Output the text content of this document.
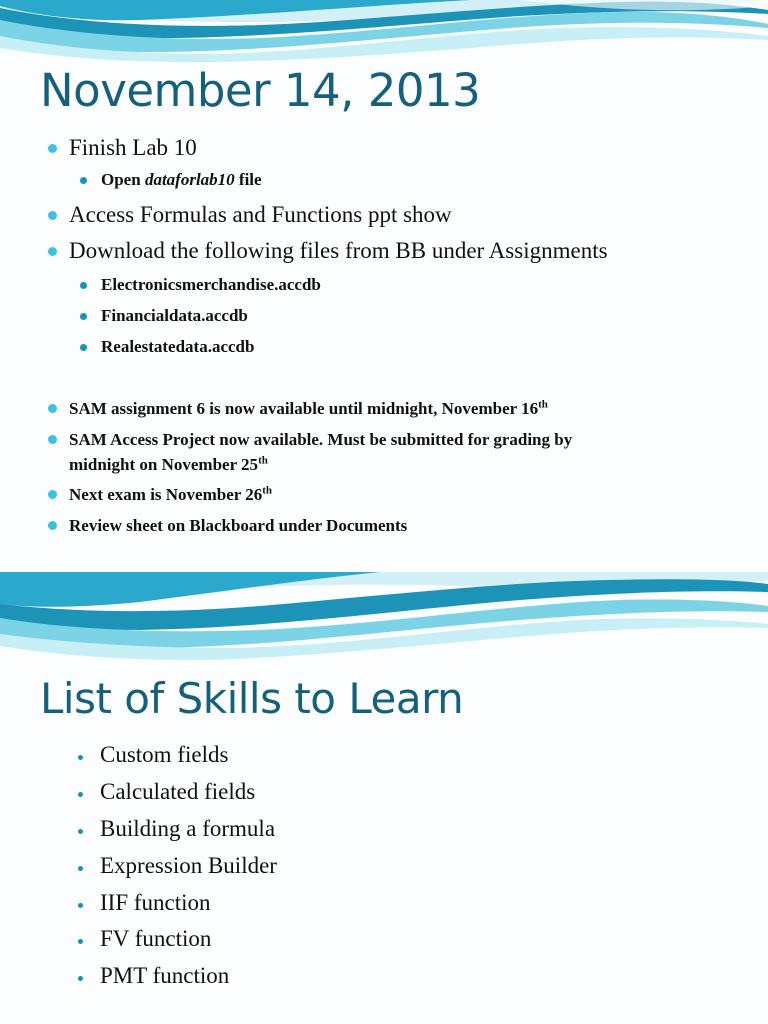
November 14, 2013
Finish Lab 10
Open dataforlab10 file
Access Formulas and Functions ppt show
Download the following files from BB under Assignments
Electronicsmerchandise.accdb
Financialdata.accdb
Realestatedata.accdb
SAM assignment 6 is now available until midnight, November 16th
SAM Access Project now available. Must be submitted for grading by
midnight on November 25th
Next exam is November 26th
Review sheet on Blackboard under Documents
List of Skills to Learn
Custom fields
Calculated fields
Building a formula
Expression Builder
IIF function
FV function
PMT function
